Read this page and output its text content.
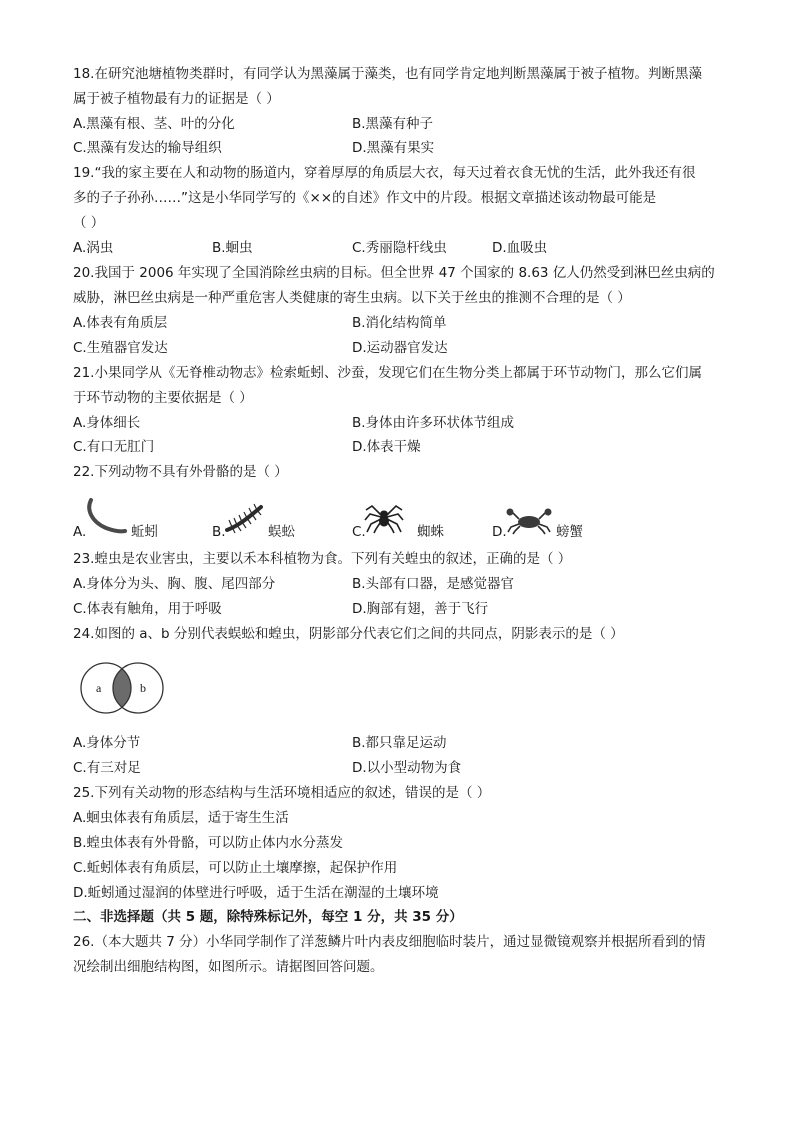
18.在研究池塘植物类群时，有同学认为黑藻属于藻类，也有同学肯定地判断黑藻属于被子植物。判断黑藻
属于被子植物最有力的证据是（ ）
A.黑藻有根、茎、叶的分化	B.黑藻有种子
C.黑藻有发达的输导组织	D.黑藻有果实
19.“我的家主要在人和动物的肠道内，穿着厚厚的角质层大衣，每天过着衣食无忧的生活，此外我还有很
多的子子孙孙……”这是小华同学写的《××的自述》作文中的片段。根据文章描述该动物最可能是
（ ）
A.涡虫	B.蛔虫	C.秀丽隐杆线虫	D.血吸虫
20.我国于 2006 年实现了全国消除丝虫病的目标。但全世界 47 个国家的 8.63 亿人仍然受到淋巴丝虫病的
威胁，淋巴丝虫病是一种严重危害人类健康的寄生虫病。以下关于丝虫的推测不合理的是（ ）
A.体表有角质层	B.消化结构简单
C.生殖器官发达	D.运动器官发达
21.小果同学从《无脊椎动物志》检索蚯蚓、沙蚕，发现它们在生物分类上都属于环节动物门，那么它们属
于环节动物的主要依据是（ ）
A.身体细长	B.身体由许多环状体节组成
C.有口无肛门	D.体表干燥
22.下列动物不具有外骨骼的是（ ）
A.	蚯蚓	B.	蜈蚣	C.	蜘蛛	D.	螃蟹
23.蝗虫是农业害虫，主要以禾本科植物为食。下列有关蝗虫的叙述，正确的是（ ）
A.身体分为头、胸、腹、尾四部分	B.头部有口器，是感觉器官
C.体表有触角，用于呼吸	D.胸部有翅，善于飞行
24.如图的 a、b 分别代表蜈蚣和蝗虫，阴影部分代表它们之间的共同点，阴影表示的是（ ）
a	b
A.身体分节	B.都只靠足运动
C.有三对足	D.以小型动物为食
25.下列有关动物的形态结构与生活环境相适应的叙述，错误的是（ ）
A.蛔虫体表有角质层，适于寄生生活
B.蝗虫体表有外骨骼，可以防止体内水分蒸发
C.蚯蚓体表有角质层，可以防止土壤摩擦，起保护作用
D.蚯蚓通过湿润的体壁进行呼吸，适于生活在潮湿的土壤环境
二、非选择题（共 5 题，除特殊标记外，每空 1 分，共 35 分）
26.（本大题共 7 分）小华同学制作了洋葱鳞片叶内表皮细胞临时装片，通过显微镜观察并根据所看到的情
况绘制出细胞结构图，如图所示。请据图回答问题。
